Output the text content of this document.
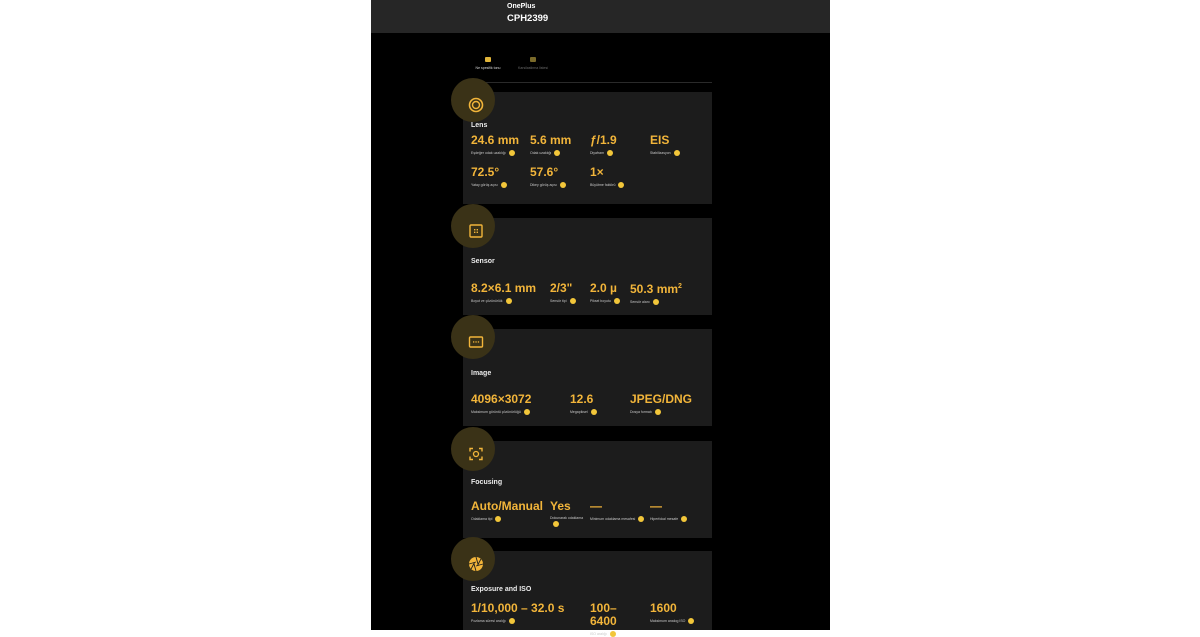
OnePlus
CPH2399
Ne spesifik tonu	Karsilastirma listesi
Lens
24.6 mm
Eşdeğer odak uzaklığı
5.6 mm
Odak uzaklığı
ƒ/1.9
Diyafram
EIS
Stabilizasyon
72.5°
Yatay görüş açısı
57.6°
Dikey görüş açısı
1×
Büyütme faktörü
Sensor
8.2×6.1 mm
Boyut ve çözünürlük
2/3"
Sensör tipi
2.0 µ
Piksel boyutu
50.3 $mm^2$
Sensör alanı
Image
4096×3072
Maksimum görüntü çözünürlüğü
12.6
Megapiksel
JPEG/DNG
Dosya formatı
Focusing
Auto/Manual
Odaklama tipi
Yes
Dokunarak odaklama
—
Minimum odaklama mesafesi
—
Hiperfokal mesafe
Exposure and ISO
1/10,000 – 32.0 s
Pozlama süresi aralığı
100–6400
ISO aralığı
1600
Maksimum analog ISO
